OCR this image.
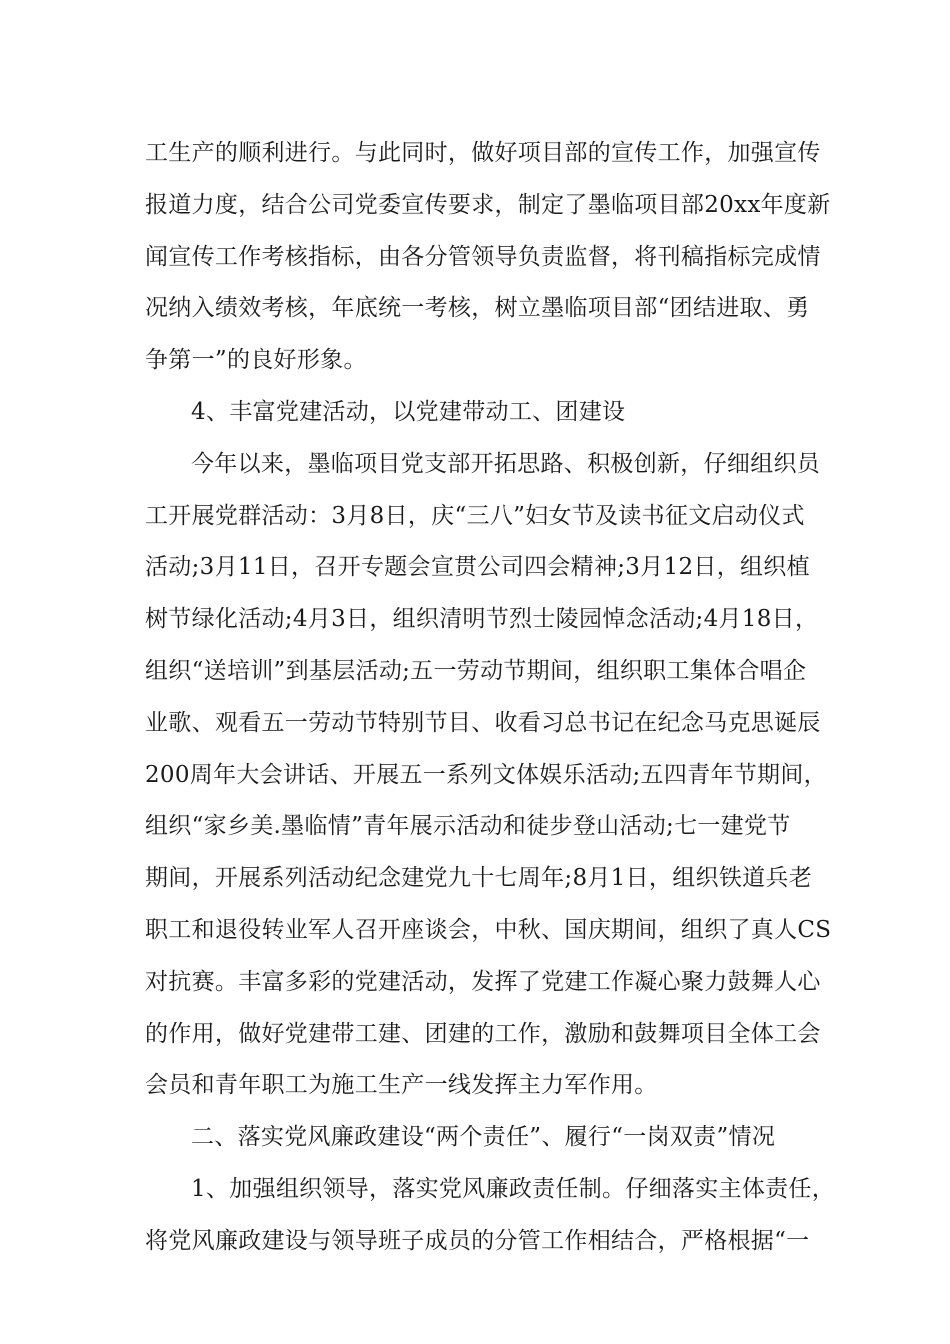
工生产的顺利进行。与此同时，做好项目部的宣传工作，加强宣传
报道力度，结合公司党委宣传要求，制定了墨临项目部20xx年度新
闻宣传工作考核指标，由各分管领导负责监督，将刊稿指标完成情
况纳入绩效考核，年底统一考核，树立墨临项目部“团结进取、勇
争第一”的良好形象。
4、丰富党建活动，以党建带动工、团建设
今年以来，墨临项目党支部开拓思路、积极创新，仔细组织员
工开展党群活动：3月8日，庆“三八”妇女节及读书征文启动仪式
活动;3月11日，召开专题会宣贯公司四会精神;3月12日，组织植
树节绿化活动;4月3日，组织清明节烈士陵园悼念活动;4月18日，
组织“送培训”到基层活动;五一劳动节期间，组织职工集体合唱企
业歌、观看五一劳动节特别节目、收看习总书记在纪念马克思诞辰
200周年大会讲话、开展五一系列文体娱乐活动;五四青年节期间，
组织“家乡美.墨临情”青年展示活动和徒步登山活动;七一建党节
期间，开展系列活动纪念建党九十七周年;8月1日，组织铁道兵老
职工和退役转业军人召开座谈会，中秋、国庆期间，组织了真人CS
对抗赛。丰富多彩的党建活动，发挥了党建工作凝心聚力鼓舞人心
的作用，做好党建带工建、团建的工作，激励和鼓舞项目全体工会
会员和青年职工为施工生产一线发挥主力军作用。
二、落实党风廉政建设“两个责任”、履行“一岗双责”情况
1、加强组织领导，落实党风廉政责任制。仔细落实主体责任，
将党风廉政建设与领导班子成员的分管工作相结合，严格根据“一
